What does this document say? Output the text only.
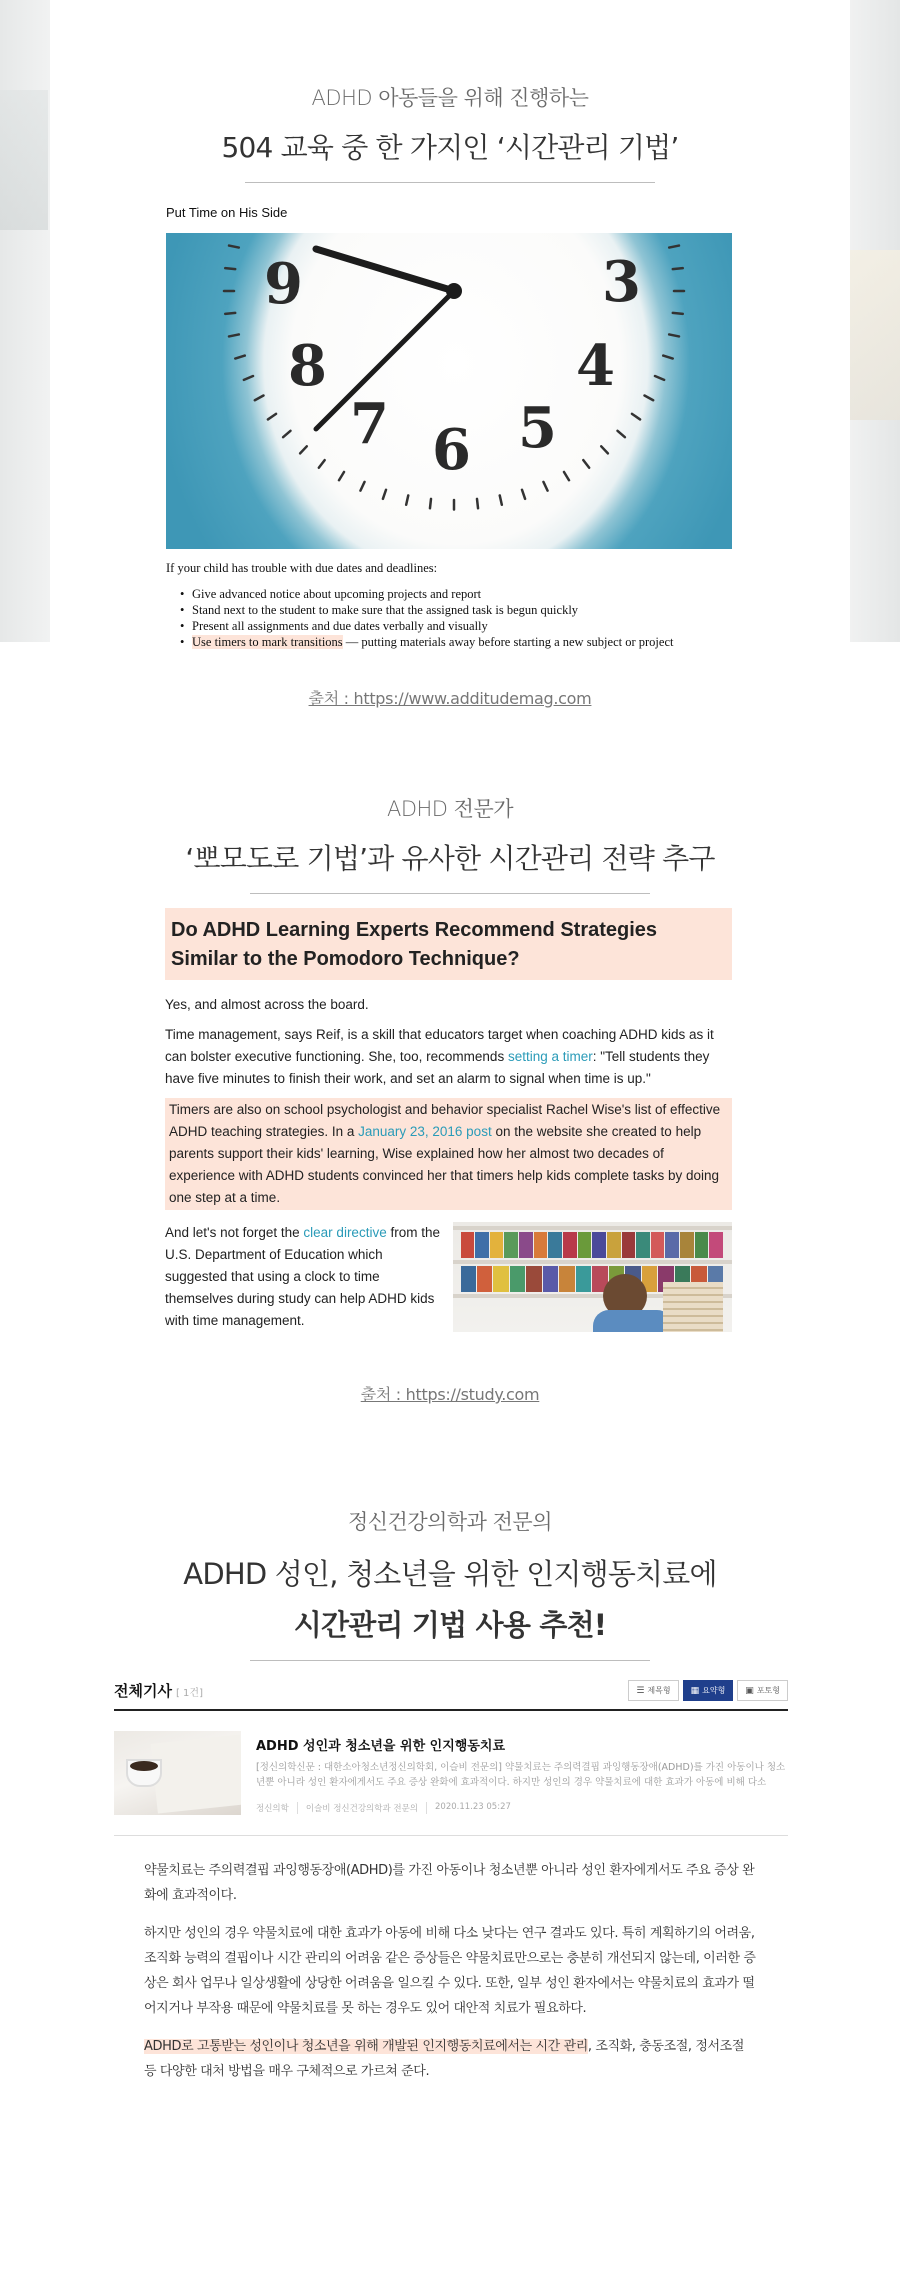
ADHD 아동들을 위해 진행하는
504 교육 중 한 가지인 ‘시간관리 기법’
Put Time on His Side
9	3
8	4
7 6 5
If your child has trouble with due dates and deadlines:
• Give advanced notice about upcoming projects and report
• Stand next to the student to make sure that the assigned task is begun quickly
• Present all assignments and due dates verbally and visually
• Use timers to mark transitions — putting materials away before starting a new subject or project
출처 : https://www.additudemag.com
ADHD 전문가
‘뽀모도로 기법’과 유사한 시간관리 전략 추구
Do ADHD Learning Experts Recommend Strategies Similar to the Pomodoro Technique?

Yes, and almost across the board.

Time management, says Reif, is a skill that educators target when coaching ADHD kids as it can bolster executive functioning. She, too, recommends setting a timer: "Tell students they have five minutes to finish their work, and set an alarm to signal when time is up."

Timers are also on school psychologist and behavior specialist Rachel Wise's list of effective ADHD teaching strategies. In a January 23, 2016 post on the website she created to help parents support their kids' learning, Wise explained how her almost two decades of experience with ADHD students convinced her that timers help kids complete tasks by doing one step at a time.

And let's not forget the clear directive from the U.S. Department of Education which suggested that using a clock to time themselves during study can help ADHD kids with time management.

출처 : https://study.com
정신건강의학과 전문의
ADHD 성인, 청소년을 위한 인지행동치료에
시간관리 기법 사용 추천!
전체기사 [ 1건]	☰ 제목형 ▦ 요약형 ▣ 포토형
ADHD 성인과 청소년을 위한 인지행동치료
[정신의학신문 : 대한소아청소년정신의학회, 이슬비 전문의] 약물치료는 주의력결핍 과잉행동장애(ADHD)를 가진 아동이나 청소년뿐 아니라 성인 환자에게서도 주요 증상 완화에 효과적이다. 하지만 성인의 경우 약물치료에 대한 효과가 아동에 비해 다소
정신의학	이슬비 정신건강의학과 전문의	2020.11.23 05:27

약물치료는 주의력결핍 과잉행동장애(ADHD)를 가진 아동이나 청소년뿐 아니라 성인 환자에게서도 주요 증상 완화에 효과적이다.

하지만 성인의 경우 약물치료에 대한 효과가 아동에 비해 다소 낮다는 연구 결과도 있다. 특히 계획하기의 어려움, 조직화 능력의 결핍이나 시간 관리의 어려움 같은 증상들은 약물치료만으로는 충분히 개선되지 않는데, 이러한 증상은 회사 업무나 일상생활에 상당한 어려움을 일으킬 수 있다. 또한, 일부 성인 환자에서는 약물치료의 효과가 떨어지거나 부작용 때문에 약물치료를 못 하는 경우도 있어 대안적 치료가 필요하다.

ADHD로 고통받는 성인이나 청소년을 위해 개발된 인지행동치료에서는 시간 관리, 조직화, 충동조절, 정서조절 등 다양한 대처 방법을 매우 구체적으로 가르쳐 준다.
